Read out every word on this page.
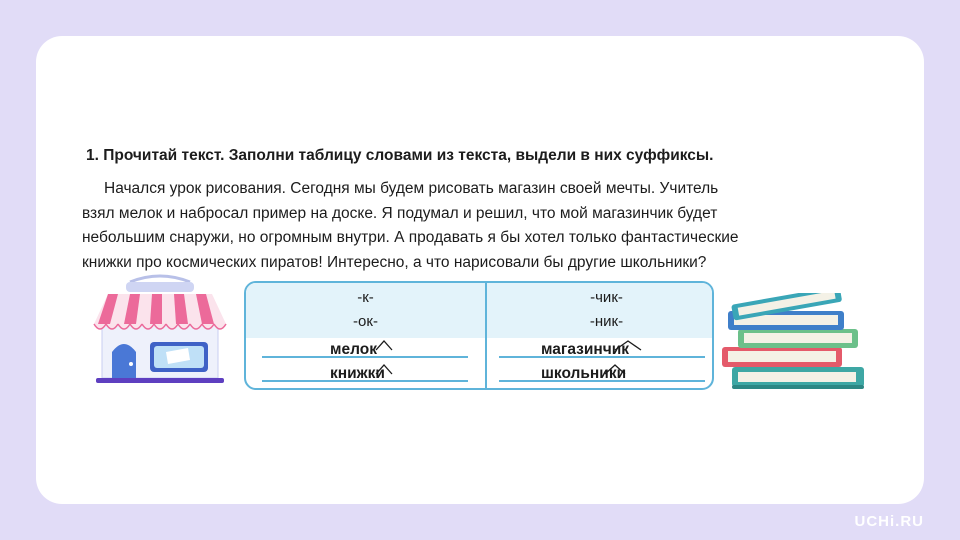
1. Прочитай текст. Заполни таблицу словами из текста, выдели в них суффиксы.
Начался урок рисования. Сегодня мы будем рисовать магазин своей мечты. Учитель
взял мелок и набросал пример на доске. Я подумал и решил, что мой магазинчик будет
небольшим снаружи, но огромным внутри. А продавать я бы хотел только фантастические
книжки про космических пиратов! Интересно, а что нарисовали бы другие школьники?
-к-
-ок-
мелок
книжки
-чик-
-ник-
магазинчик
школьники
UCHi.RU
